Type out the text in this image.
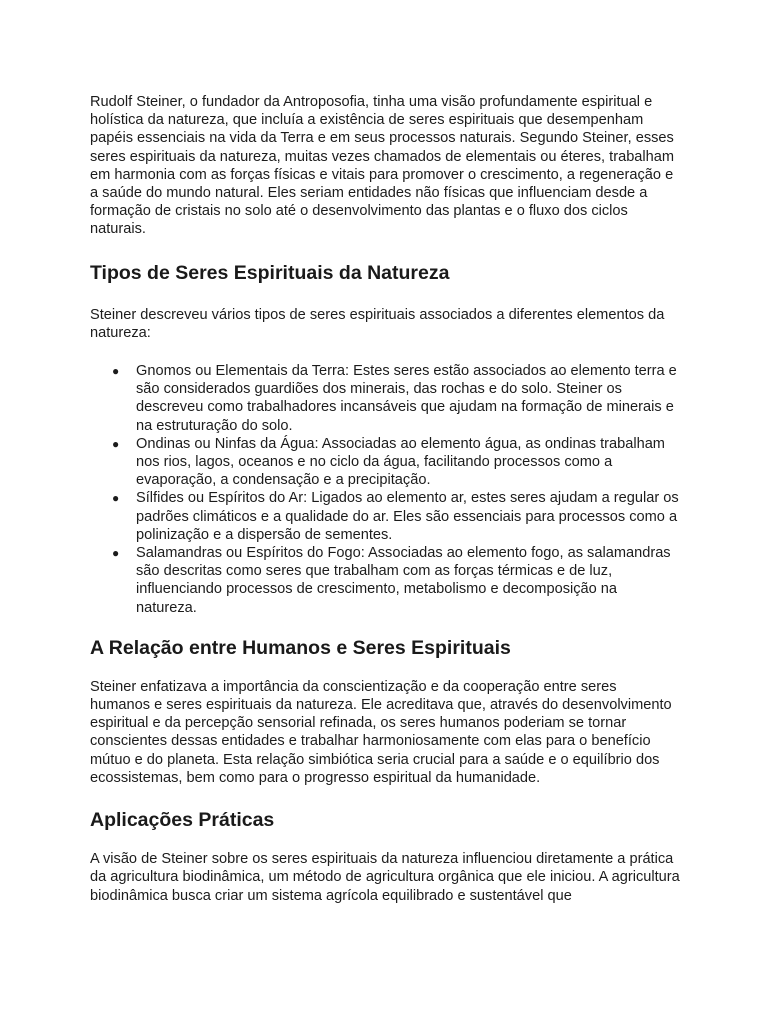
Rudolf Steiner, o fundador da Antroposofia, tinha uma visão profundamente espiritual e holística da natureza, que incluía a existência de seres espirituais que desempenham papéis essenciais na vida da Terra e em seus processos naturais. Segundo Steiner, esses seres espirituais da natureza, muitas vezes chamados de elementais ou éteres, trabalham em harmonia com as forças físicas e vitais para promover o crescimento, a regeneração e a saúde do mundo natural. Eles seriam entidades não físicas que influenciam desde a formação de cristais no solo até o desenvolvimento das plantas e o fluxo dos ciclos naturais.

Tipos de Seres Espirituais da Natureza

Steiner descreveu vários tipos de seres espirituais associados a diferentes elementos da natureza:

● Gnomos ou Elementais da Terra: Estes seres estão associados ao elemento terra e são considerados guardiões dos minerais, das rochas e do solo. Steiner os descreveu como trabalhadores incansáveis que ajudam na formação de minerais e na estruturação do solo.
● Ondinas ou Ninfas da Água: Associadas ao elemento água, as ondinas trabalham nos rios, lagos, oceanos e no ciclo da água, facilitando processos como a evaporação, a condensação e a precipitação.
● Sílfides ou Espíritos do Ar: Ligados ao elemento ar, estes seres ajudam a regular os padrões climáticos e a qualidade do ar. Eles são essenciais para processos como a polinização e a dispersão de sementes.
● Salamandras ou Espíritos do Fogo: Associadas ao elemento fogo, as salamandras são descritas como seres que trabalham com as forças térmicas e de luz, influenciando processos de crescimento, metabolismo e decomposição na natureza.
A Relação entre Humanos e Seres Espirituais

Steiner enfatizava a importância da conscientização e da cooperação entre seres humanos e seres espirituais da natureza. Ele acreditava que, através do desenvolvimento espiritual e da percepção sensorial refinada, os seres humanos poderiam se tornar conscientes dessas entidades e trabalhar harmoniosamente com elas para o benefício mútuo e do planeta. Esta relação simbiótica seria crucial para a saúde e o equilíbrio dos ecossistemas, bem como para o progresso espiritual da humanidade.

Aplicações Práticas

A visão de Steiner sobre os seres espirituais da natureza influenciou diretamente a prática da agricultura biodinâmica, um método de agricultura orgânica que ele iniciou. A agricultura biodinâmica busca criar um sistema agrícola equilibrado e sustentável que
